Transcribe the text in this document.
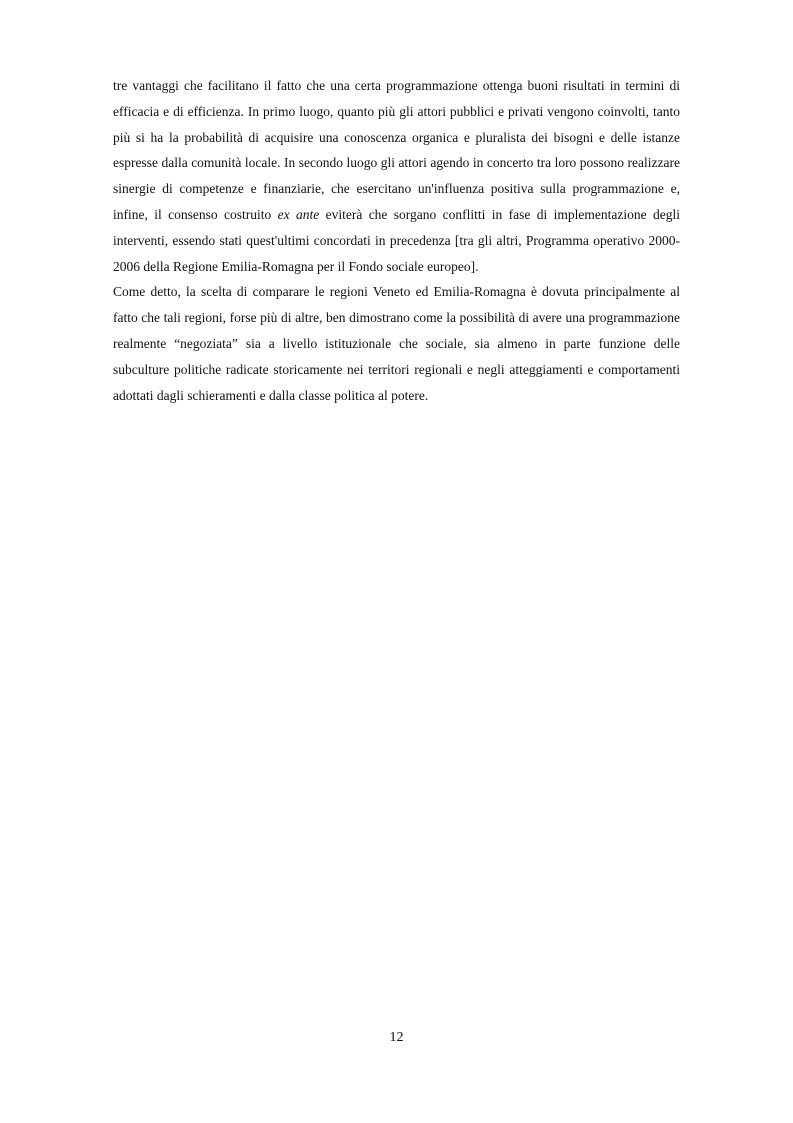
tre vantaggi che facilitano il fatto che una certa programmazione ottenga buoni risultati in termini di efficacia e di efficienza. In primo luogo, quanto più gli attori pubblici e privati vengono coinvolti, tanto più si ha la probabilità di acquisire una conoscenza organica e pluralista dei bisogni e delle istanze espresse dalla comunità locale. In secondo luogo gli attori agendo in concerto tra loro possono realizzare sinergie di competenze e finanziarie, che esercitano un'influenza positiva sulla programmazione e, infine, il consenso costruito ex ante eviterà che sorgano conflitti in fase di implementazione degli interventi, essendo stati quest'ultimi concordati in precedenza [tra gli altri, Programma operativo 2000-2006 della Regione Emilia-Romagna per il Fondo sociale europeo].

Come detto, la scelta di comparare le regioni Veneto ed Emilia-Romagna è dovuta principalmente al fatto che tali regioni, forse più di altre, ben dimostrano come la possibilità di avere una programmazione realmente “negoziata” sia a livello istituzionale che sociale, sia almeno in parte funzione delle subculture politiche radicate storicamente nei territori regionali e negli atteggiamenti e comportamenti adottati dagli schieramenti e dalla classe politica al potere.

12
